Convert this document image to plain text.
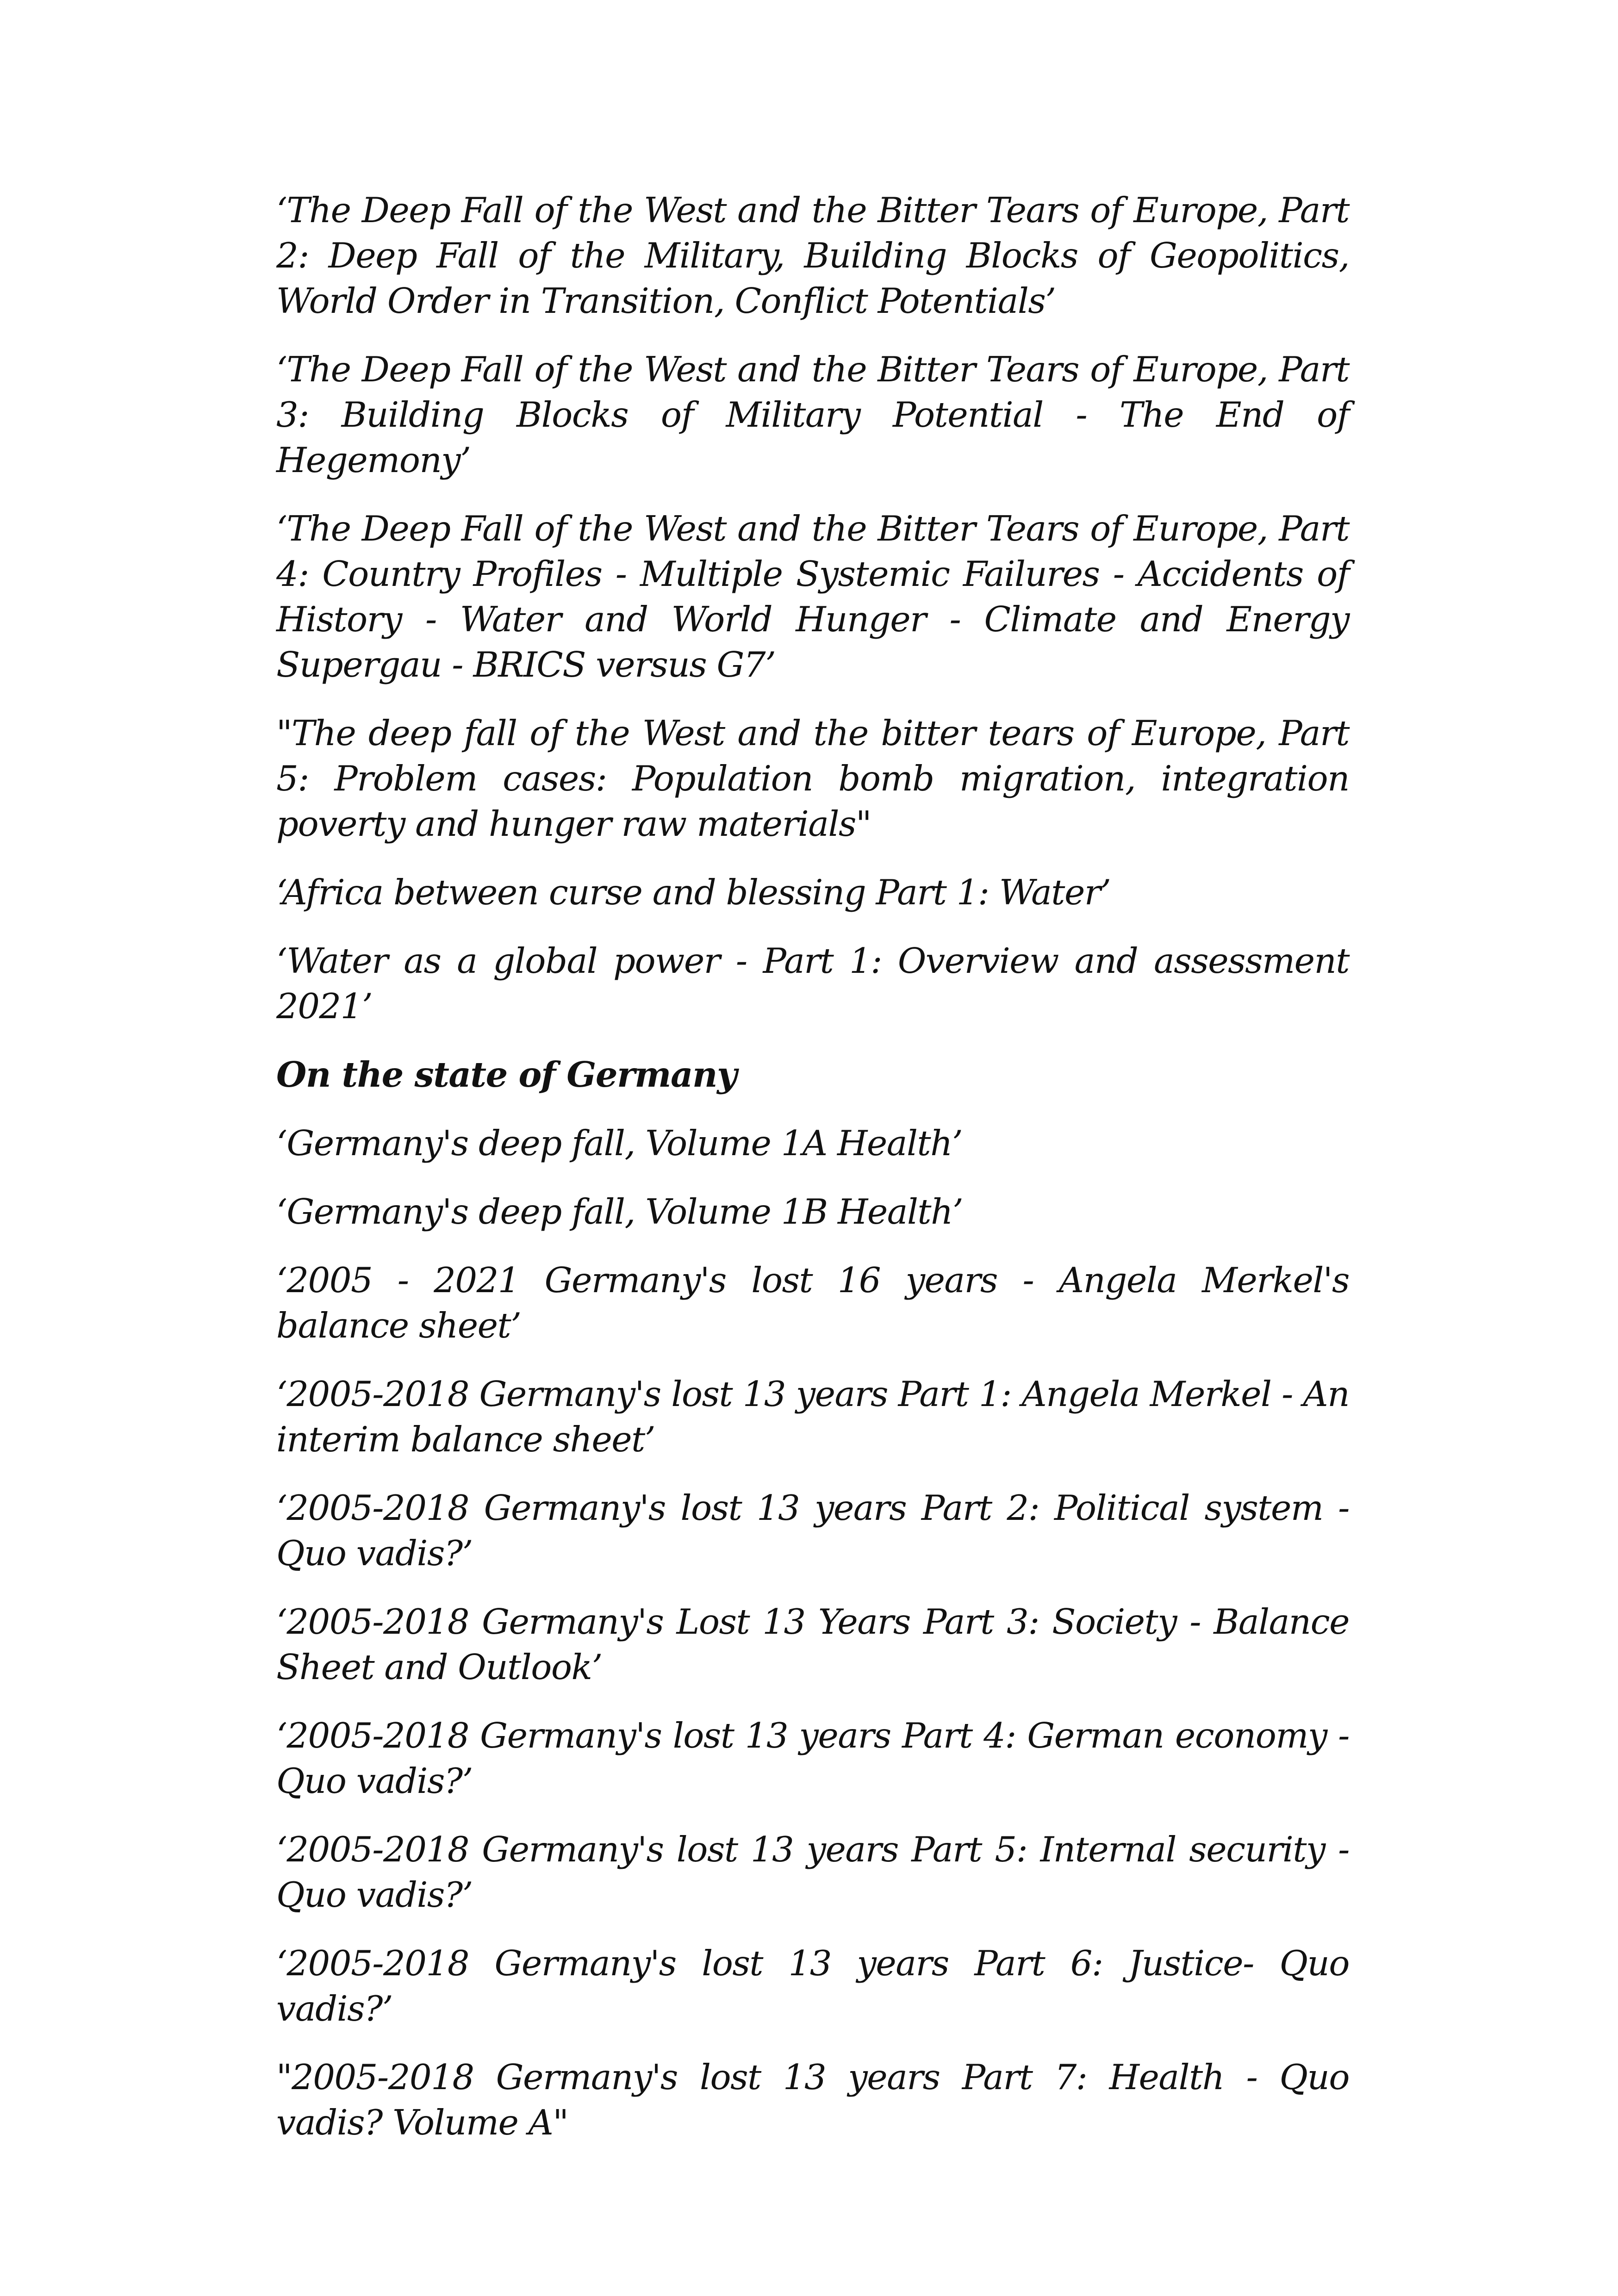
‘The Deep Fall of the West and the Bitter Tears of Europe, Part 2: Deep Fall of the Military, Building Blocks of Geopolitics, World Order in Transition, Conflict Potentials’

‘The Deep Fall of the West and the Bitter Tears of Europe, Part 3: Building Blocks of Military Potential - The End of Hegemony’

‘The Deep Fall of the West and the Bitter Tears of Europe, Part 4: Country Profiles - Multiple Systemic Failures - Accidents of History - Water and World Hunger - Climate and Energy Supergau - BRICS versus G7’

"The deep fall of the West and the bitter tears of Europe, Part 5: Problem cases: Population bomb migration, integration poverty and hunger raw materials"

‘Africa between curse and blessing Part 1: Water’

‘Water as a global power - Part 1: Overview and assessment 2021’

On the state of Germany

‘Germany's deep fall, Volume 1A Health’

‘Germany's deep fall, Volume 1B Health’

‘2005 - 2021 Germany's lost 16 years - Angela Merkel's balance sheet’

‘2005-2018 Germany's lost 13 years Part 1: Angela Merkel - An interim balance sheet’

‘2005-2018 Germany's lost 13 years Part 2: Political system - Quo vadis?’

‘2005-2018 Germany's Lost 13 Years Part 3: Society - Balance Sheet and Outlook’

‘2005-2018 Germany's lost 13 years Part 4: German economy - Quo vadis?’

‘2005-2018 Germany's lost 13 years Part 5: Internal security - Quo vadis?’

‘2005-2018 Germany's lost 13 years Part 6: Justice- Quo vadis?’

"2005-2018 Germany's lost 13 years Part 7: Health - Quo vadis? Volume A"
